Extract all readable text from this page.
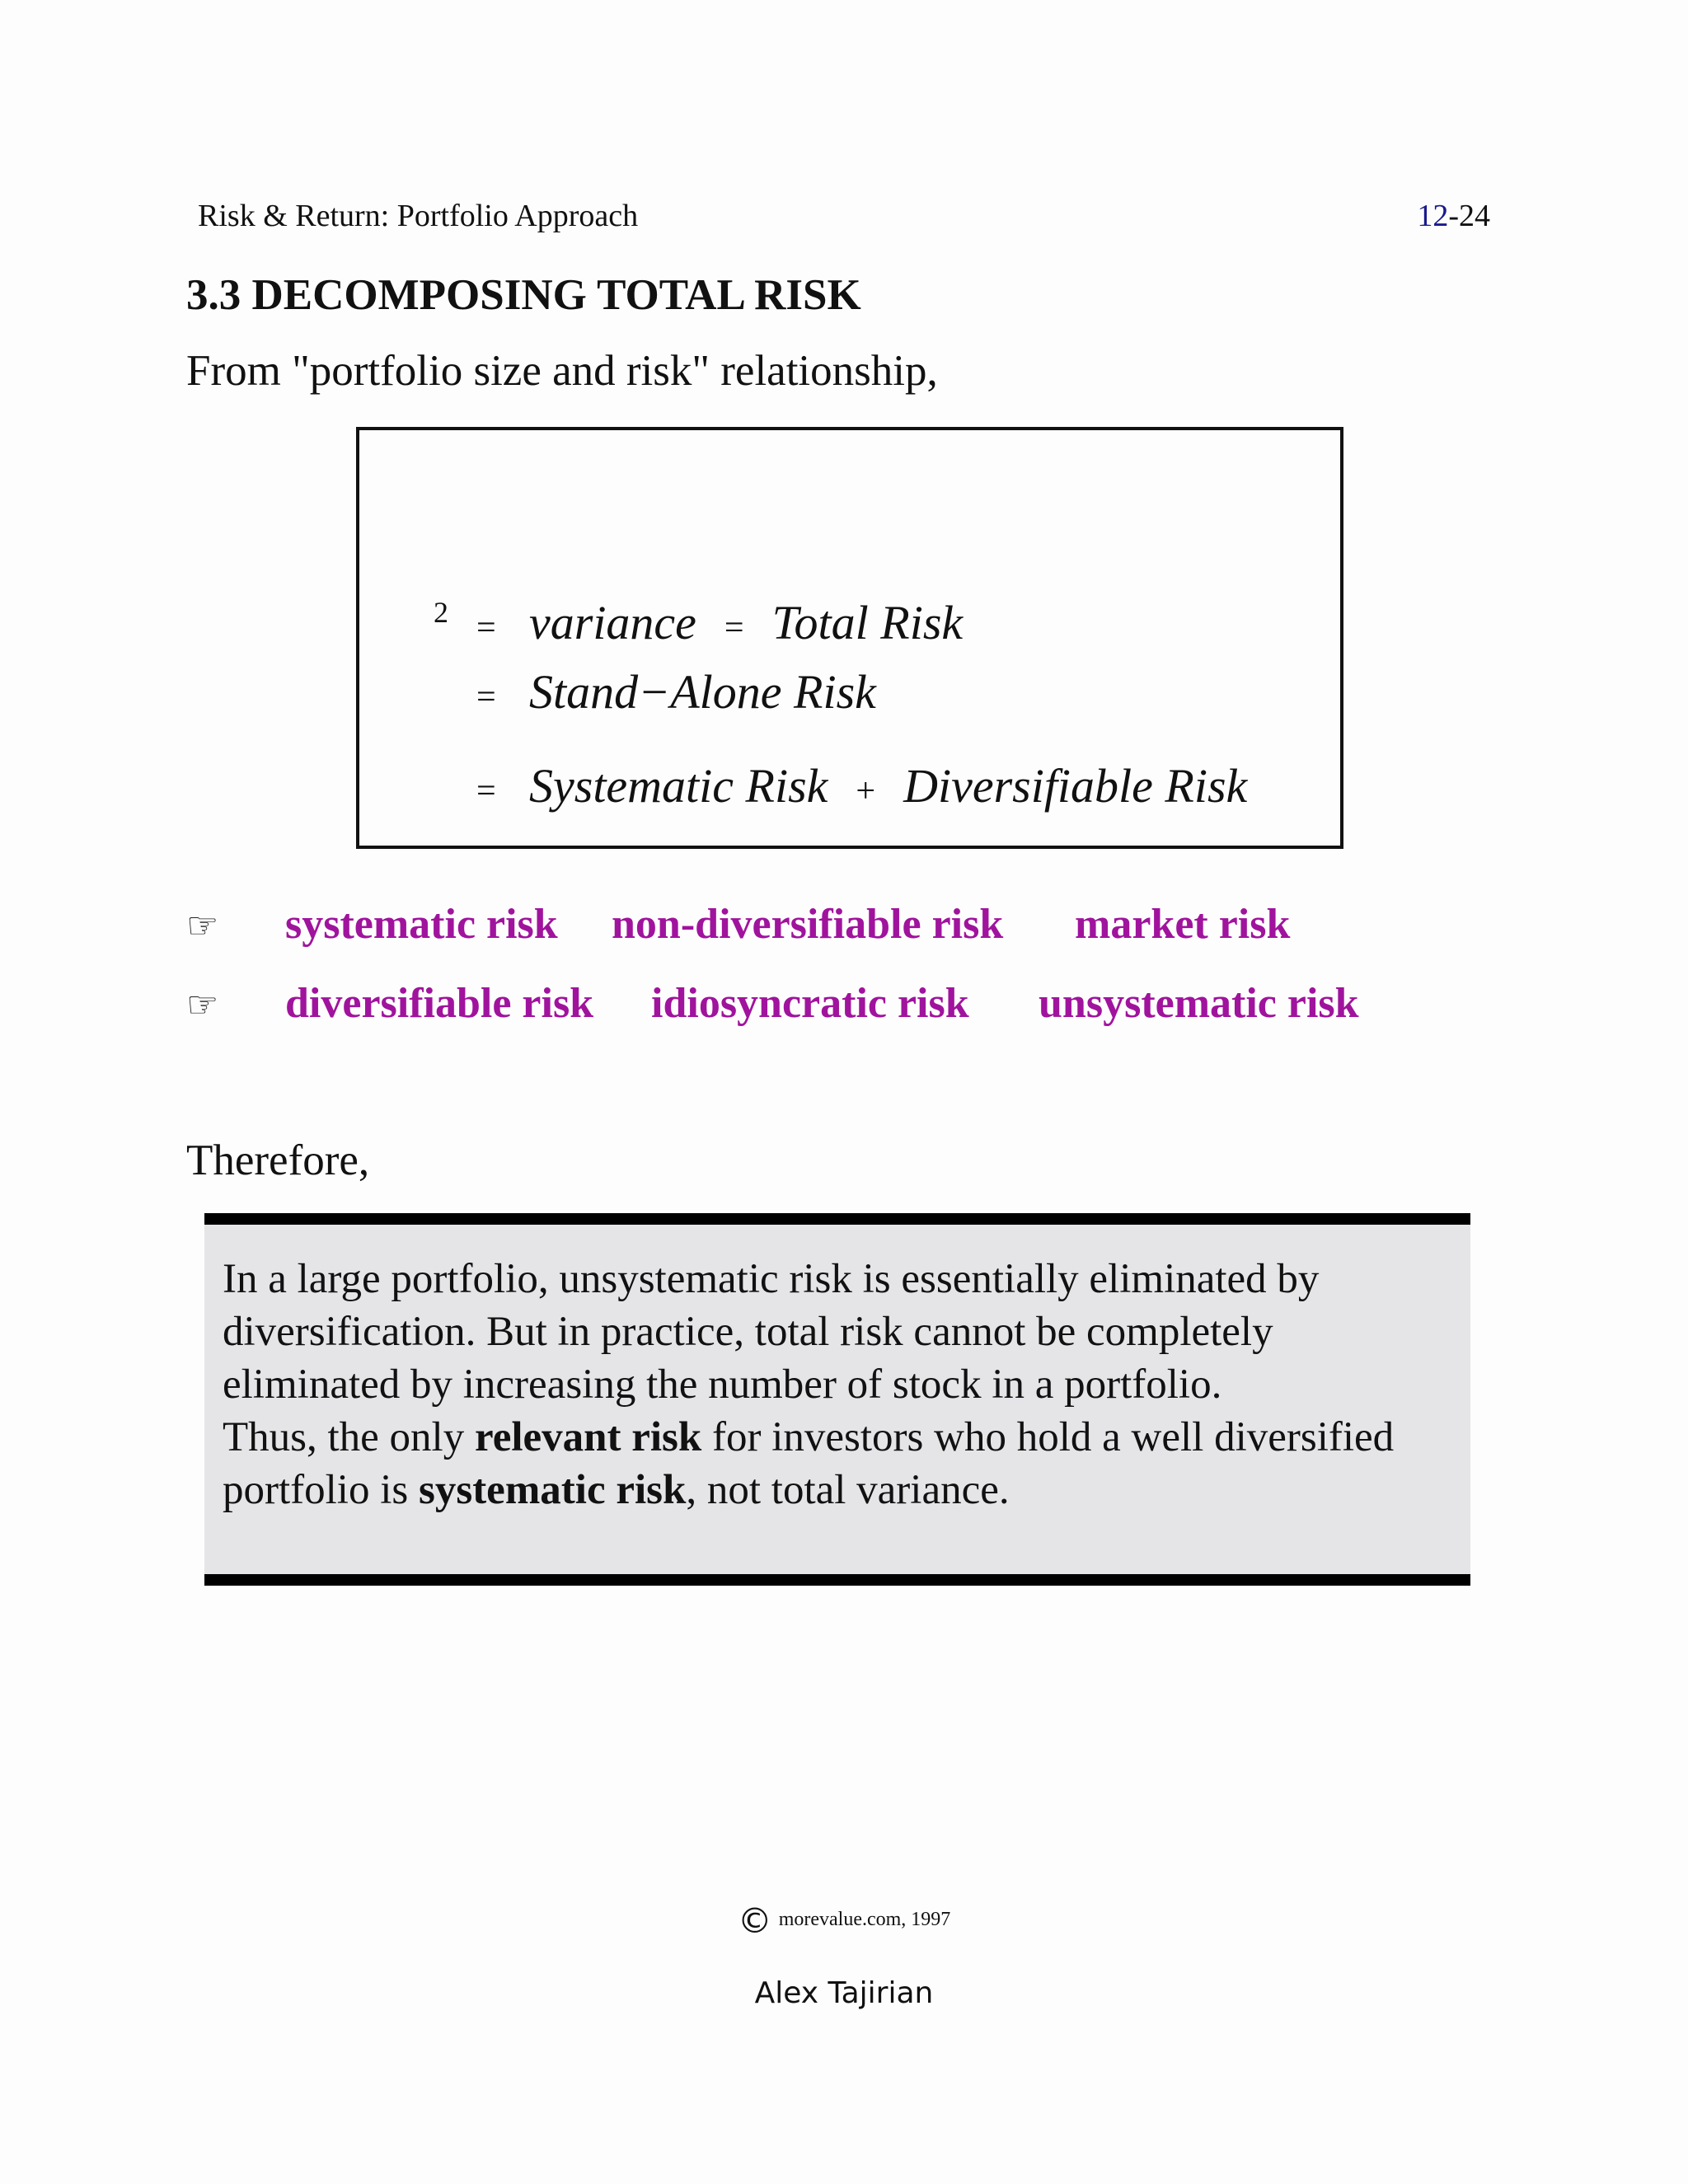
Risk & Return: Portfolio Approach	12-24
3.3 DECOMPOSING TOTAL RISK
From "portfolio size and risk" relationship,
2 = variance = Total Risk
= Stand−Alone Risk
= Systematic Risk + Diversifiable Risk
☞ systematic risk non-diversifiable risk market risk
☞ diversifiable risk idiosyncratic risk unsystematic risk
Therefore,

In a large portfolio, unsystematic risk is essentially eliminated by diversification. But in practice, total risk cannot be completely eliminated by increasing the number of stock in a portfolio.

Thus, the only relevant risk for investors who hold a well diversified portfolio is systematic risk, not total variance.

© morevalue.com, 1997
Alex Tajirian
